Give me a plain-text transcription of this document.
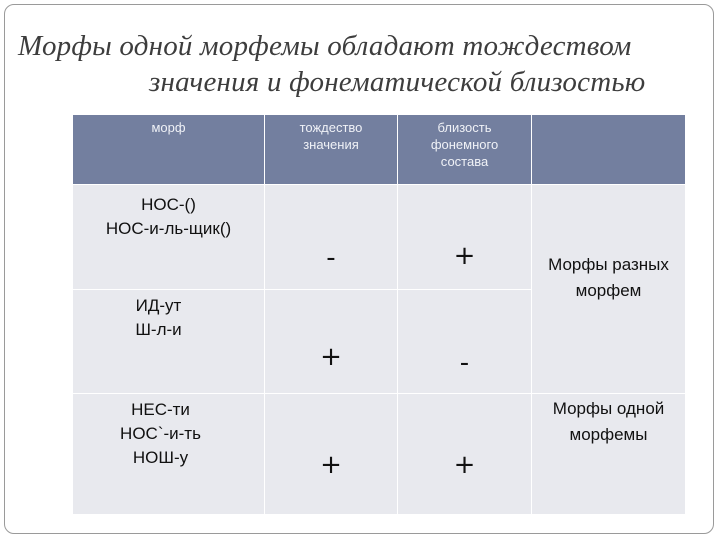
Морфы одной морфемы обладают тождеством
значения и фонематической близостью
морф	тождество значения	близость фонемного состава	

НОС-()
НОС-и-ль-щик()	-	+	Морфы разных морфем

ИД-ут
Ш-л-и	+	-	

НЕС-ти
НОС`-и-ть
НОШ-у	+	+	Морфы одной морфемы
